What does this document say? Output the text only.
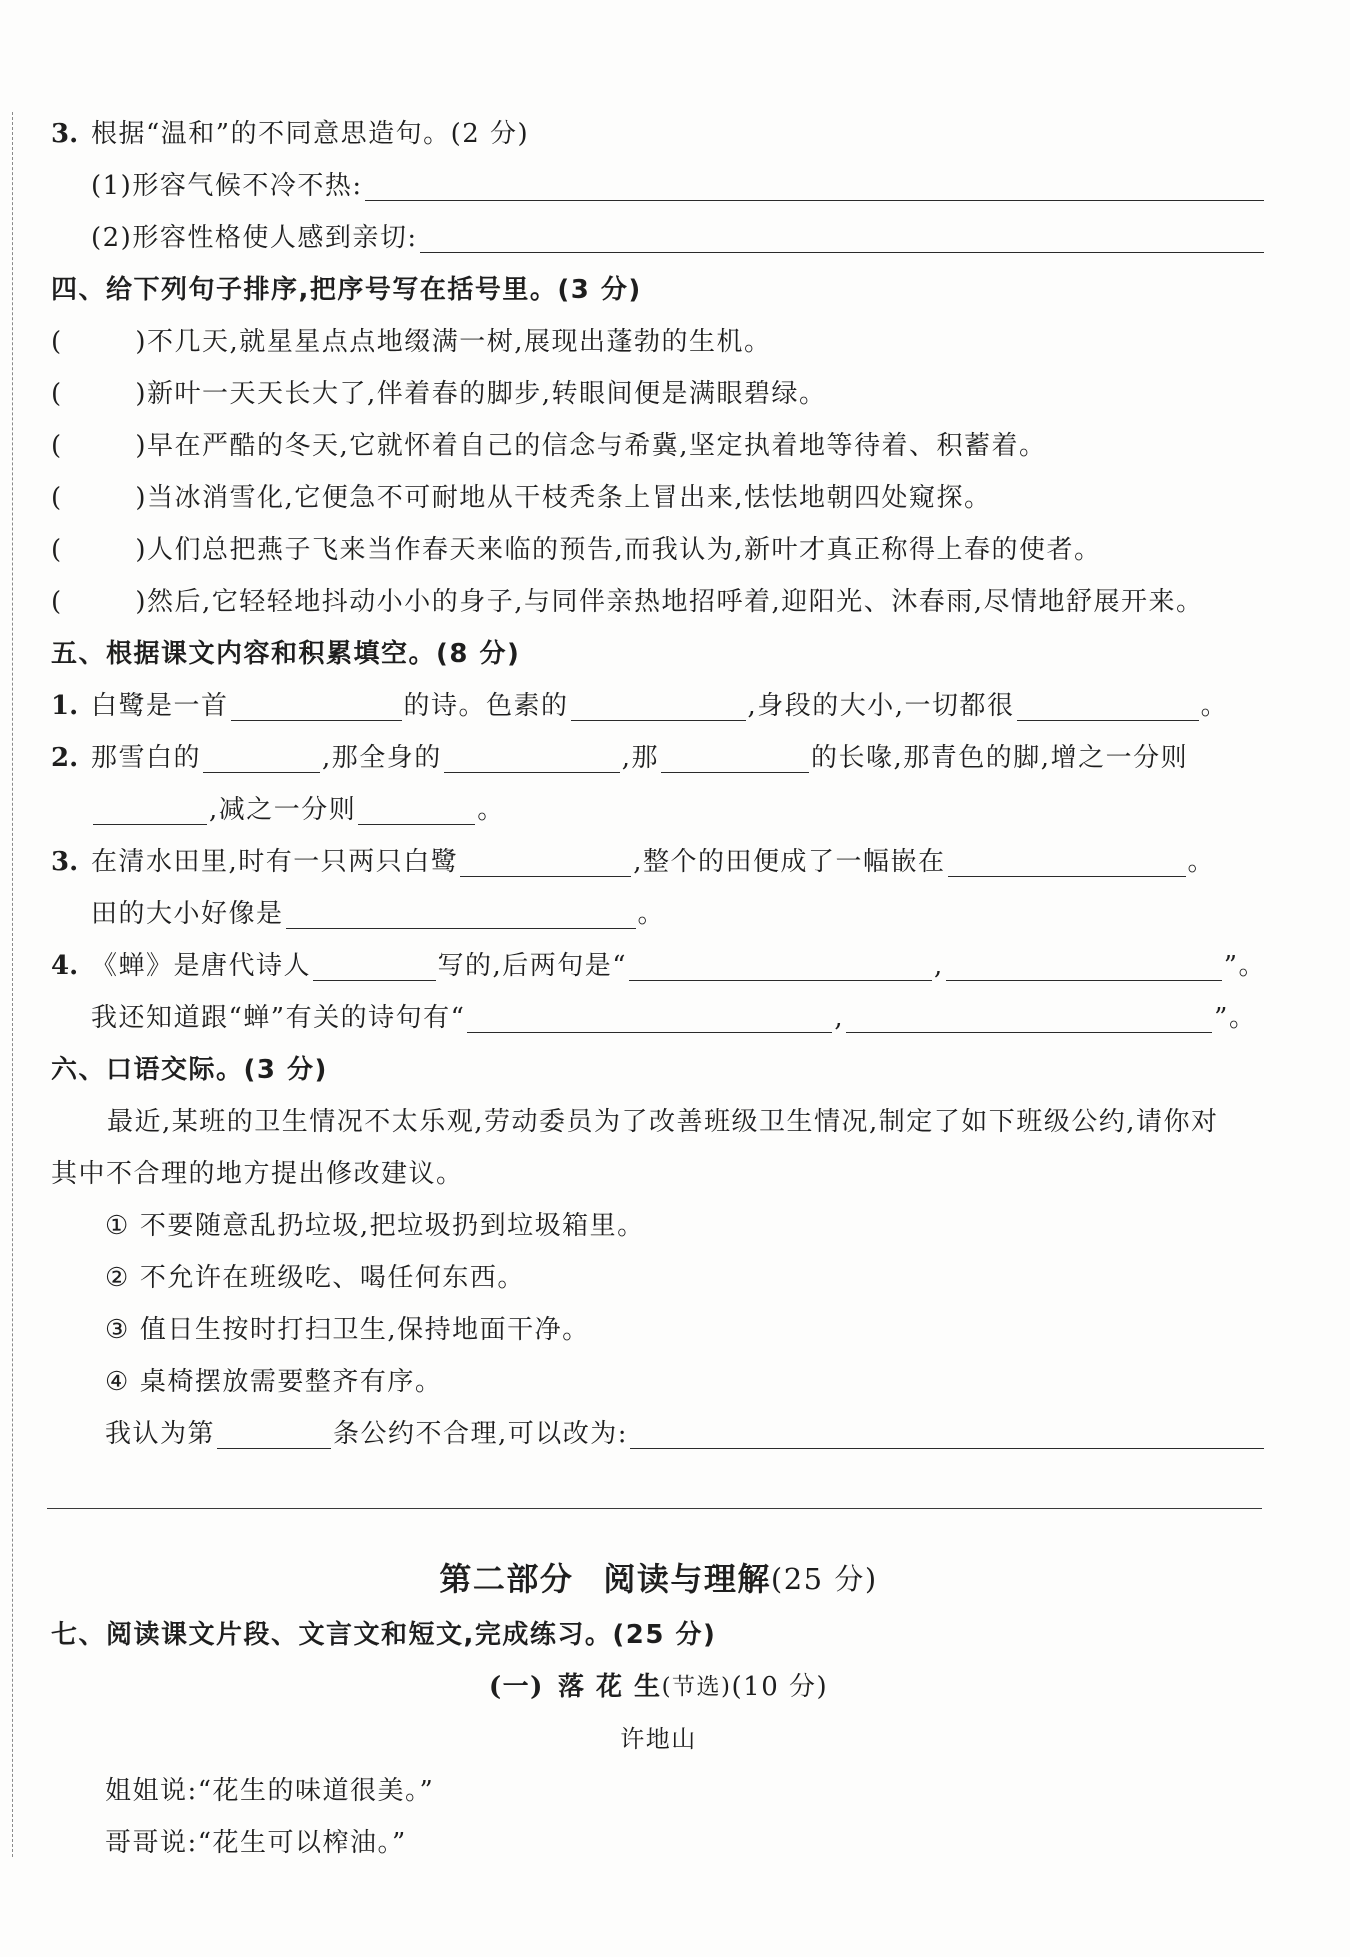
3. 根据“温和”的不同意思造句。 (2 分)
(1)形容气候不冷不热:
(2)形容性格使人感到亲切:
四、给下列句子排序,把序号写在括号里。 (3 分)
(	) 不几天,就星星点点地缀满一树,展现出蓬勃的生机。
(	) 新叶一天天长大了,伴着春的脚步,转眼间便是满眼碧绿。
(	) 早在严酷的冬天,它就怀着自己的信念与希冀,坚定执着地等待着、积蓄着。
(	) 当冰消雪化,它便急不可耐地从干枝秃条上冒出来,怯怯地朝四处窥探。
(	) 人们总把燕子飞来当作春天来临的预告,而我认为,新叶才真正称得上春的使者。
(	) 然后,它轻轻地抖动小小的身子,与同伴亲热地招呼着,迎阳光、沐春雨,尽情地舒展开来。
五、根据课文内容和积累填空。 (8 分)
1. 白鹭是一首	的诗。色素的	,身段的大小,一切都很	。
2. 那雪白的	,那全身的	,那	的长喙,那青色的脚,增之一分则
,减之一分则	。
3. 在清水田里,时有一只两只白鹭	,整个的田便成了一幅嵌在	。
田的大小好像是	。
4. 《蝉》是唐代诗人	写的,后两句是“	,	”。
我还知道跟“蝉”有关的诗句有“	,	”。
六、口语交际。 (3 分)
最近,某班的卫生情况不太乐观,劳动委员为了改善班级卫生情况,制定了如下班级公约,请你对其中不合理的地方提出修改建议。
① 不要随意乱扔垃圾,把垃圾扔到垃圾箱里。
② 不允许在班级吃、喝任何东西。
③ 值日生按时打扫卫生,保持地面干净。
④ 桌椅摆放需要整齐有序。
我认为第	条公约不合理,可以改为:
第二部分 阅读与理解 (25 分)
七、阅读课文片段、文言文和短文,完成练习。 (25 分)
(一) 落 花 生 (节选) (10 分)
许地山
姐姐说:“花生的味道很美。”
哥哥说:“花生可以榨油。”
